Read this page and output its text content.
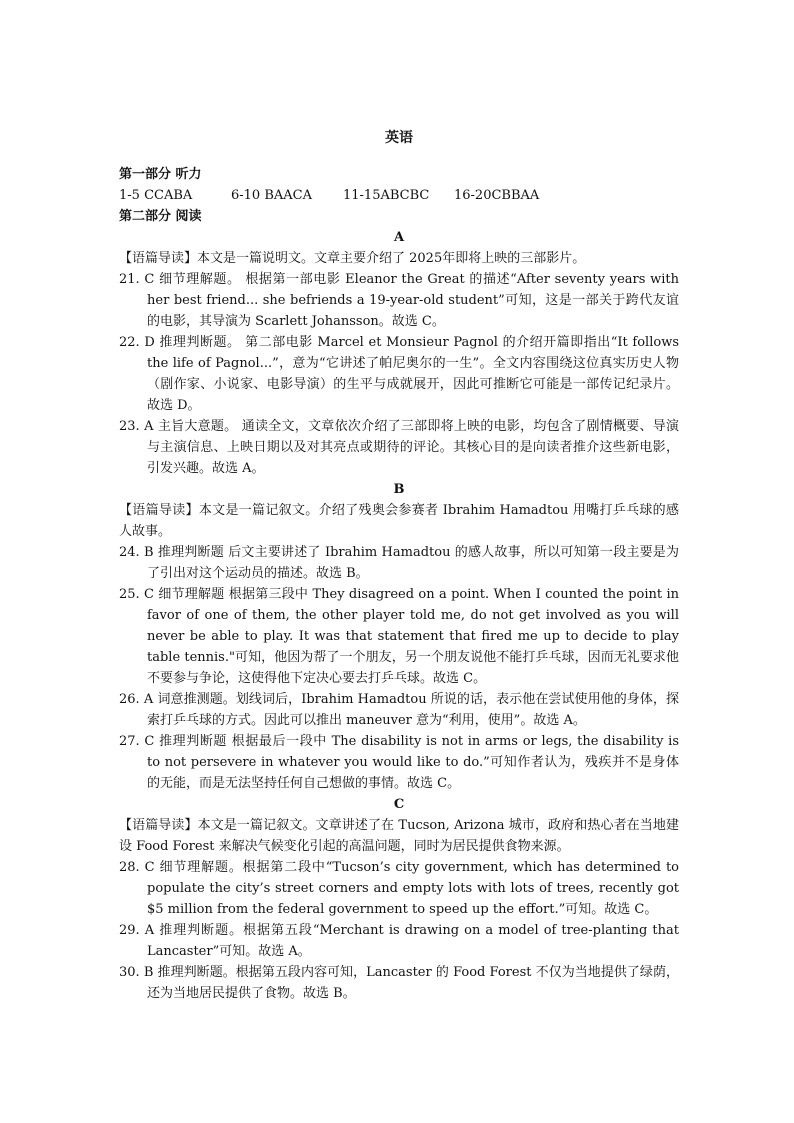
英语
第一部分 听力
1-5 CCABA	6-10 BAACA	11-15ABCBC	16-20CBBAA
第二部分 阅读
A

【语篇导读】本文是一篇说明文。文章主要介绍了 2025年即将上映的三部影片。

21. C 细节理解题。 根据第一部电影 Eleanor the Great 的描述“After seventy years with her best friend... she befriends a 19-year-old student”可知，这是一部关于跨代友谊的电影，其导演为 Scarlett Johansson。故选 C。

22. D 推理判断题。 第二部电影 Marcel et Monsieur Pagnol 的介绍开篇即指出“It follows the life of Pagnol...”，意为“它讲述了帕尼奥尔的一生”。全文内容围绕这位真实历史人物（剧作家、小说家、电影导演）的生平与成就展开，因此可推断它可能是一部传记纪录片。故选 D。

23. A 主旨大意题。 通读全文，文章依次介绍了三部即将上映的电影，均包含了剧情概要、导演与主演信息、上映日期以及对其亮点或期待的评论。其核心目的是向读者推介这些新电影，引发兴趣。故选 A。

B

【语篇导读】本文是一篇记叙文。介绍了残奥会参赛者 Ibrahim Hamadtou 用嘴打乒乓球的感人故事。

24. B 推理判断题 后文主要讲述了 Ibrahim Hamadtou 的感人故事，所以可知第一段主要是为了引出对这个运动员的描述。故选 B。

25. C 细节理解题 根据第三段中 They disagreed on a point. When I counted the point in favor of one of them, the other player told me, do not get involved as you will never be able to play. It was that statement that fired me up to decide to play table tennis."可知，他因为帮了一个朋友，另一个朋友说他不能打乒乓球，因而无礼要求他不要参与争论，这使得他下定决心要去打乒乓球。故选 C。

26. A 词意推测题。划线词后，Ibrahim Hamadtou 所说的话，表示他在尝试使用他的身体，探索打乒乓球的方式。因此可以推出 maneuver 意为“利用，使用”。故选 A。

27. C 推理判断题 根据最后一段中 The disability is not in arms or legs, the disability is to not persevere in whatever you would like to do.”可知作者认为，残疾并不是身体的无能，而是无法坚持任何自己想做的事情。故选 C。

C

【语篇导读】本文是一篇记叙文。文章讲述了在 Tucson, Arizona 城市，政府和热心者在当地建设 Food Forest 来解决气候变化引起的高温问题，同时为居民提供食物来源。

28. C 细节理解题。根据第二段中“Tucson’s city government, which has determined to populate the city’s street corners and empty lots with lots of trees, recently got $5 million from the federal government to speed up the effort.”可知。故选 C。

29. A 推理判断题。根据第五段“Merchant is drawing on a model of tree-planting that Lancaster”可知。故选 A。

30. B 推理判断题。根据第五段内容可知，Lancaster 的 Food Forest 不仅为当地提供了绿荫，还为当地居民提供了食物。故选 B。
